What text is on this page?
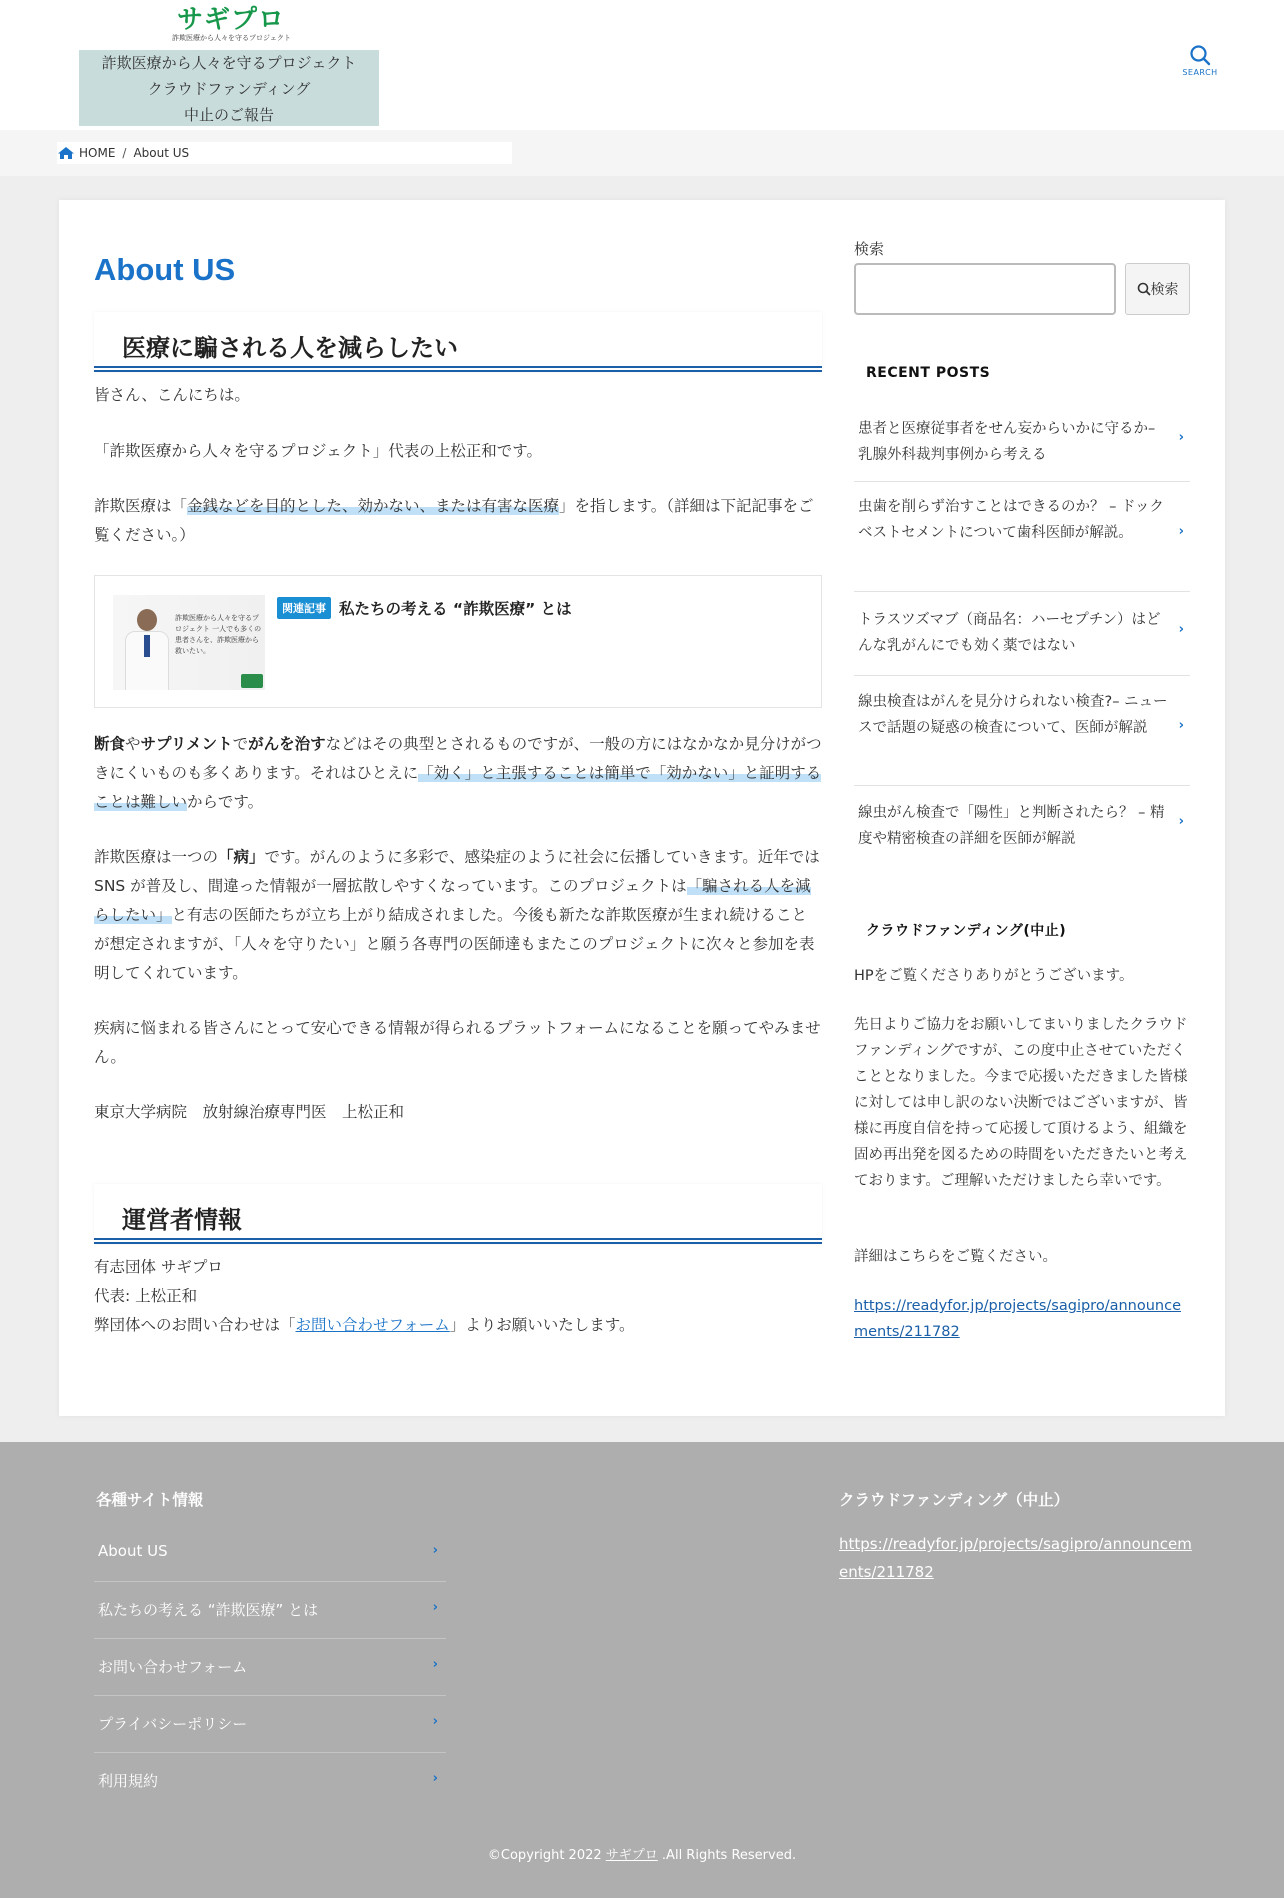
サギプロ
詐欺医療から人々を守るプロジェクト
詐欺医療から人々を守るプロジェクト
クラウドファンディング
中止のご報告
SEARCH
HOME / About US
About US
医療に騙される人を減らしたい

皆さん、こんにちは。

「詐欺医療から人々を守るプロジェクト」代表の上松正和です。

詐欺医療は「金銭などを目的とした、効かない、または有害な医療」を指します。（詳細は下記記事をご覧ください。）

詐欺医療から人々を守るプロジェクト 一人でも多くの患者さんを、詐欺医療から救いたい。
関連記事 私たちの考える “詐欺医療” とは

断食やサプリメントでがんを治すなどはその典型とされるものですが、一般の方にはなかなか見分けがつきにくいものも多くあります。それはひとえに「効く」と主張することは簡単で「効かない」と証明することは難しいからです。

詐欺医療は一つの「病」です。がんのように多彩で、感染症のように社会に伝播していきます。近年では SNS が普及し、間違った情報が一層拡散しやすくなっています。このプロジェクトは「騙される人を減らしたい」と有志の医師たちが立ち上がり結成されました。今後も新たな詐欺医療が生まれ続けることが想定されますが、「人々を守りたい」と願う各専門の医師達もまたこのプロジェクトに次々と参加を表明してくれています。

疾病に悩まれる皆さんにとって安心できる情報が得られるプラットフォームになることを願ってやみません。

東京大学病院　放射線治療専門医　上松正和

運営者情報

有志団体 サギプロ

代表: 上松正和

弊団体へのお問い合わせは「お問い合わせフォーム」よりお願いいたします。

検索
検索
RECENT POSTS
患者と医療従事者をせん妄からいかに守るか– 乳腺外科裁判事例から考える
›
虫歯を削らず治すことはできるのか？ – ドックベストセメントについて歯科医師が解説。	›
トラスツズマブ（商品名：ハーセプチン）はどんな乳がんにでも効く薬ではない
›
線虫検査はがんを見分けられない検査?– ニュースで話題の疑惑の検査について、医師が解説	›
線虫がん検査で「陽性」と判断されたら？ – 精度や精密検査の詳細を医師が解説
›
クラウドファンディング(中止)

HPをご覧くださりありがとうございます。

先日よりご協力をお願いしてまいりましたクラウドファンディングですが、この度中止させていただくこととなりました。今まで応援いただきました皆様に対しては申し訳のない決断ではございますが、皆様に再度自信を持って応援して頂けるよう、組織を固め再出発を図るための時間をいただきたいと考えております。ご理解いただけましたら幸いです。

詳細はこちらをご覧ください。

https://readyfor.jp/projects/sagipro/announcements/211782
各種サイト情報
About US	›
私たちの考える “詐欺医療” とは	›
お問い合わせフォーム	›
プライバシーポリシー	›
利用規約	›
クラウドファンディング（中止）
https://readyfor.jp/projects/sagipro/announcements/211782

©Copyright 2022 サギプロ .All Rights Reserved.
